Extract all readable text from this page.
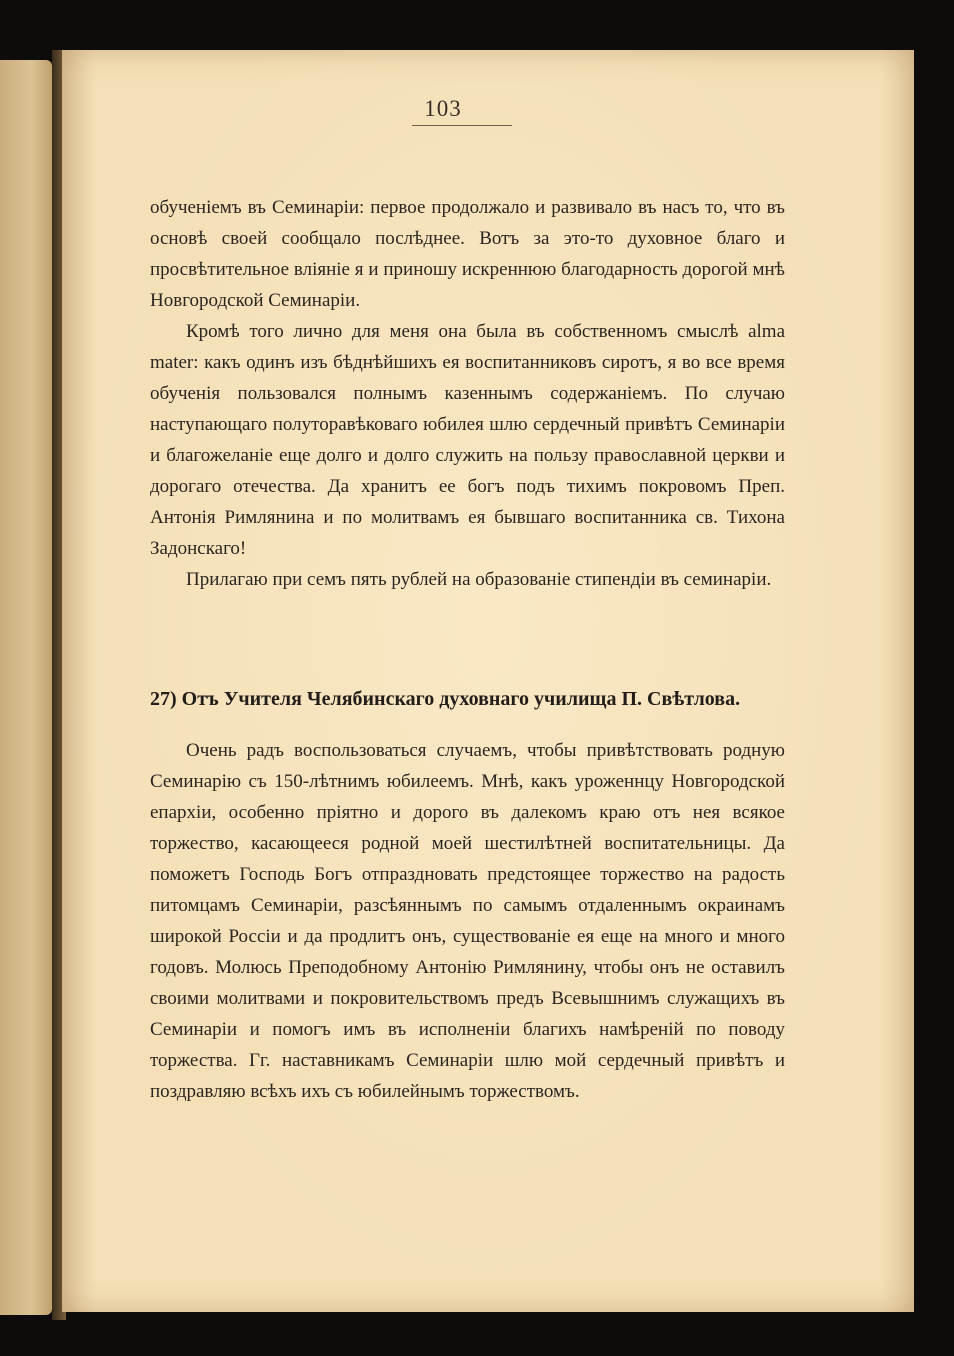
103

обученіемъ въ Семинаріи: первое продолжало и развивало въ насъ то, что въ основѣ своей сообщало послѣднее. Вотъ за это-то духовное благо и просвѣтительное вліяніе я и приношу искреннюю благодарность дорогой мнѣ Новгородской Семинаріи.

Кромѣ того лично для меня она была въ собственномъ смыслѣ alma mater: какъ одинъ изъ бѣднѣйшихъ ея воспитанниковъ сиротъ, я во все время обученія пользовался полнымъ казеннымъ содержаніемъ. По случаю наступающаго полуторавѣковаго юбилея шлю сердечный привѣтъ Семинаріи и благожеланіе еще долго и долго служить на пользу православной церкви и дорогаго отечества. Да хранитъ ее богъ подъ тихимъ покровомъ Преп. Антонія Римлянина и по молитвамъ ея бывшаго воспитанника св. Тихона Задонскаго!

Прилагаю при семъ пять рублей на образованіе стипендіи въ семинаріи.

27) Отъ Учителя Челябинскаго духовнаго училища П. Свѣтлова.

Очень радъ воспользоваться случаемъ, чтобы привѣтствовать родную Семинарію съ 150-лѣтнимъ юбилеемъ. Мнѣ, какъ уроженнцу Новгородской епархіи, особенно пріятно и дорого въ далекомъ краю отъ нея всякое торжество, касающееся родной моей шестилѣтней воспитательницы. Да поможетъ Господь Богъ отпраздновать предстоящее торжество на радость питомцамъ Семинаріи, разсѣяннымъ по самымъ отдаленнымъ окраинамъ широкой Россіи и да продлитъ онъ, существованіе ея еще на много и много годовъ. Молюсь Преподобному Антонію Римлянину, чтобы онъ не оставилъ своими молитвами и покровительствомъ предъ Всевышнимъ служащихъ въ Семинаріи и помогъ имъ въ исполненіи благихъ намѣреній по поводу торжества. Гг. наставникамъ Семинаріи шлю мой сердечный привѣтъ и поздравляю всѣхъ ихъ съ юбилейнымъ торжествомъ.
